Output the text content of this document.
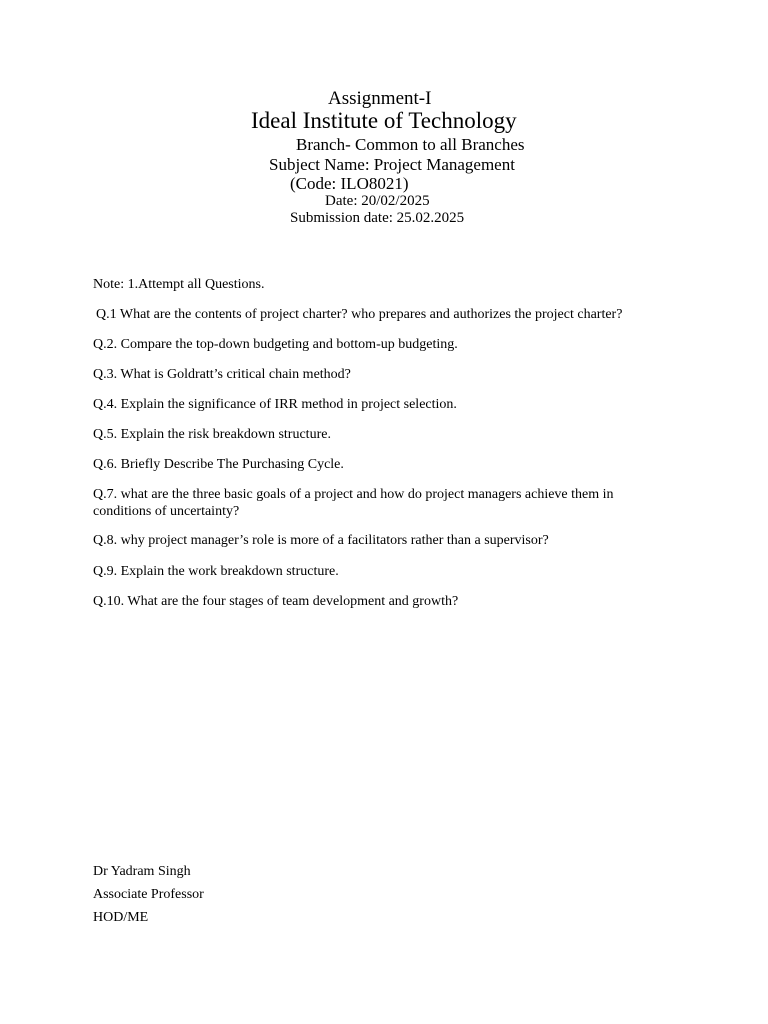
Assignment-I
Ideal Institute of Technology
Branch- Common to all Branches
Subject Name: Project Management
(Code: ILO8021)
Date: 20/02/2025
Submission date: 25.02.2025

Note: 1.Attempt all Questions.

Q.1 What are the contents of project charter? who prepares and authorizes the project charter?

Q.2. Compare the top-down budgeting and bottom-up budgeting.

Q.3. What is Goldratt’s critical chain method?

Q.4. Explain the significance of IRR method in project selection.

Q.5. Explain the risk breakdown structure.

Q.6. Briefly Describe The Purchasing Cycle.

Q.7. what are the three basic goals of a project and how do project managers achieve them in conditions of uncertainty?

Q.8. why project manager’s role is more of a facilitators rather than a supervisor?

Q.9. Explain the work breakdown structure.

Q.10. What are the four stages of team development and growth?

Dr Yadram Singh

Associate Professor

HOD/ME
